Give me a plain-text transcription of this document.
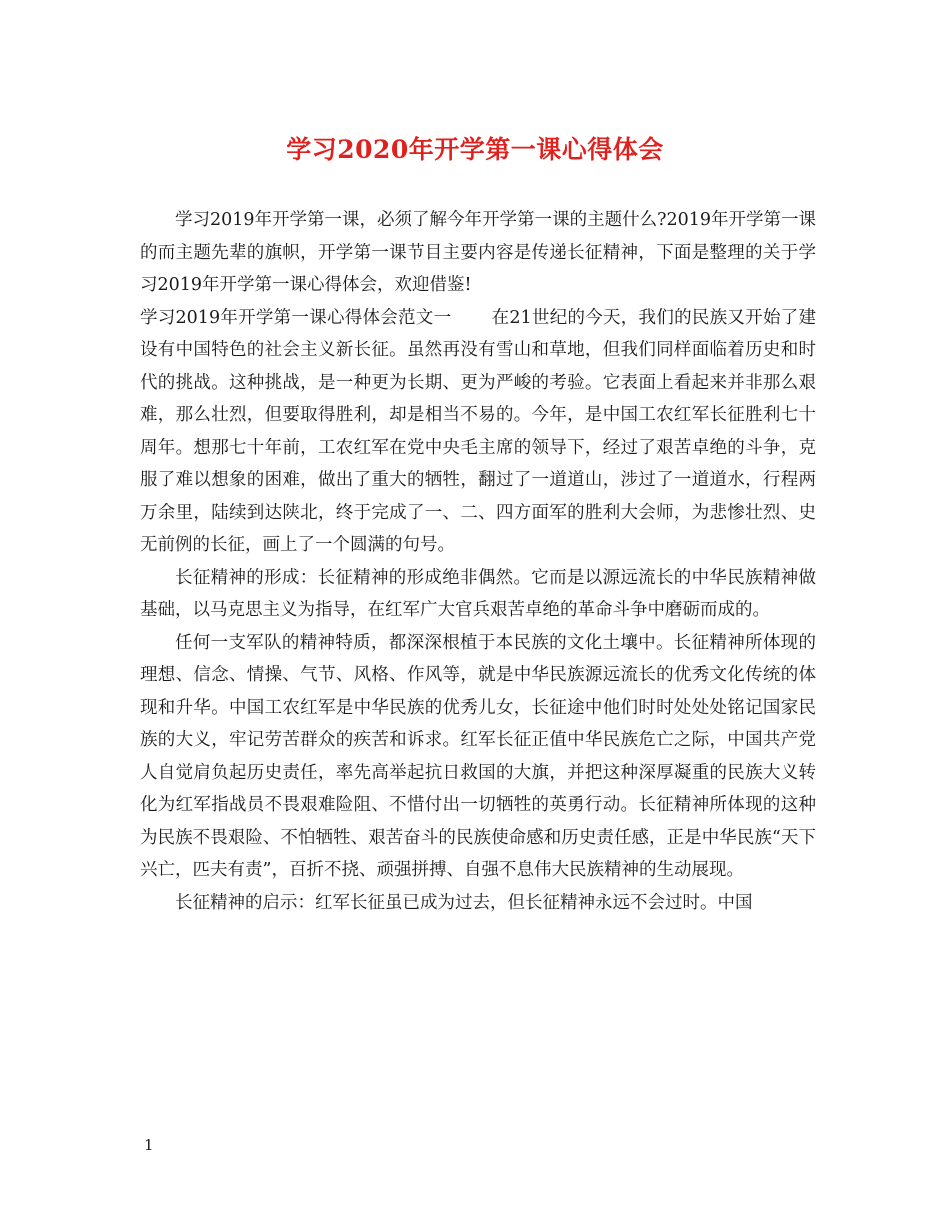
学习2020年开学第一课心得体会

学习2019年开学第一课，必须了解今年开学第一课的主题什么?2019年开学第一课的而主题先辈的旗帜，开学第一课节目主要内容是传递长征精神，下面是整理的关于学习2019年开学第一课心得体会，欢迎借鉴!

学习2019年开学第一课心得体会范文一 在21世纪的今天，我们的民族又开始了建设有中国特色的社会主义新长征。虽然再没有雪山和草地，但我们同样面临着历史和时代的挑战。这种挑战，是一种更为长期、更为严峻的考验。它表面上看起来并非那么艰难，那么壮烈，但要取得胜利，却是相当不易的。今年，是中国工农红军长征胜利七十周年。想那七十年前，工农红军在党中央毛主席的领导下，经过了艰苦卓绝的斗争，克服了难以想象的困难，做出了重大的牺牲，翻过了一道道山，涉过了一道道水，行程两万余里，陆续到达陕北，终于完成了一、二、四方面军的胜利大会师，为悲惨壮烈、史无前例的长征，画上了一个圆满的句号。

长征精神的形成：长征精神的形成绝非偶然。它而是以源远流长的中华民族精神做基础，以马克思主义为指导，在红军广大官兵艰苦卓绝的革命斗争中磨砺而成的。

任何一支军队的精神特质，都深深根植于本民族的文化土壤中。长征精神所体现的理想、信念、情操、气节、风格、作风等，就是中华民族源远流长的优秀文化传统的体现和升华。中国工农红军是中华民族的优秀儿女，长征途中他们时时处处处铭记国家民族的大义，牢记劳苦群众的疾苦和诉求。红军长征正值中华民族危亡之际，中国共产党人自觉肩负起历史责任，率先高举起抗日救国的大旗，并把这种深厚凝重的民族大义转化为红军指战员不畏艰难险阻、不惜付出一切牺牲的英勇行动。长征精神所体现的这种为民族不畏艰险、不怕牺牲、艰苦奋斗的民族使命感和历史责任感，正是中华民族“天下兴亡，匹夫有责”，百折不挠、顽强拼搏、自强不息伟大民族精神的生动展现。

长征精神的启示：红军长征虽已成为过去，但长征精神永远不会过时。中国

1
